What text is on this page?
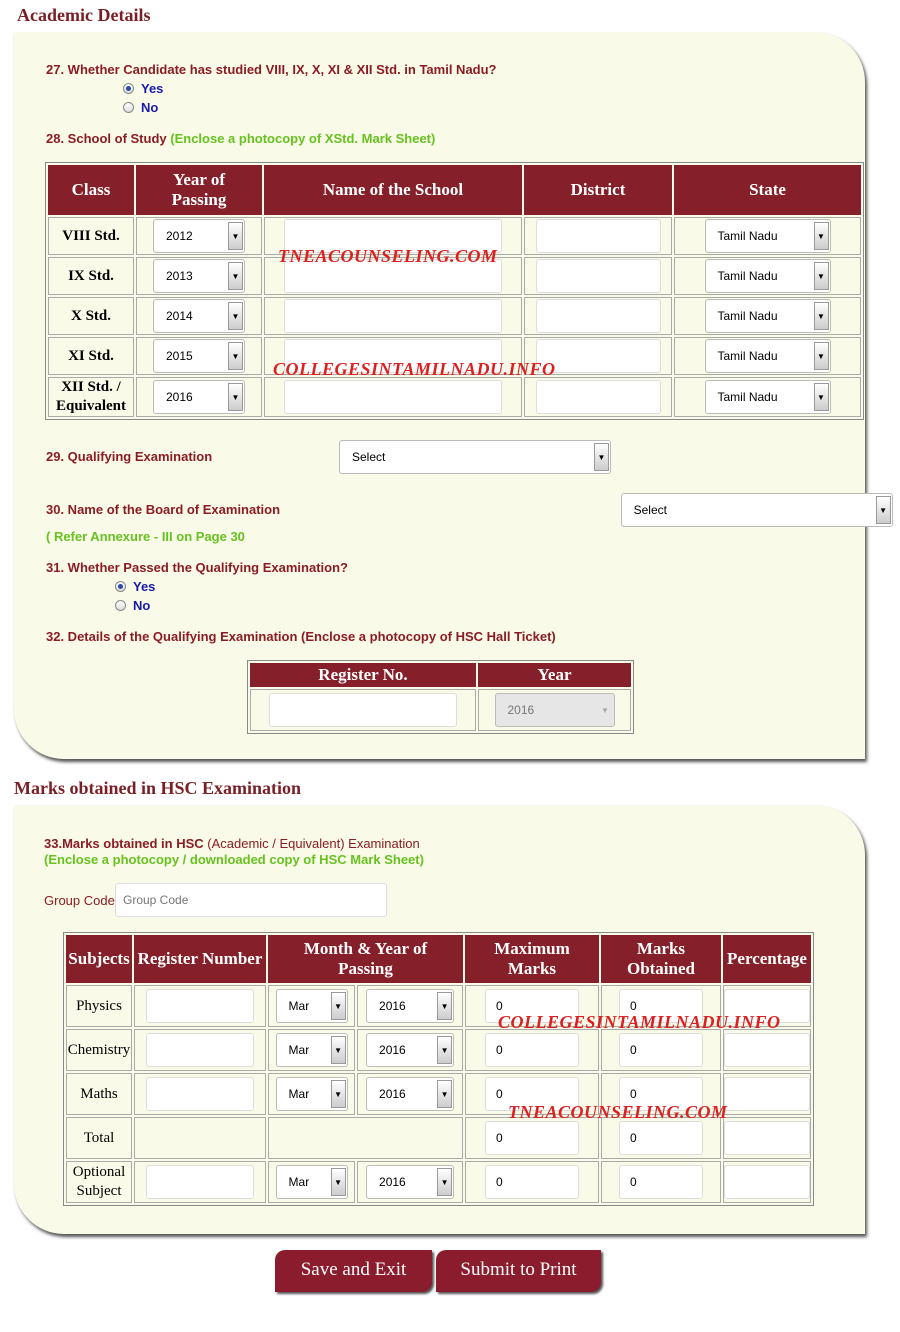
Academic Details
27. Whether Candidate has studied VIII, IX, X, XI & XII Std. in Tamil Nadu?
Yes
No
28. School of Study (Enclose a photocopy of XStd. Mark Sheet)
Class	Year of Passing	Name of the School	District	State
VIII Std.	2012 ▼			Tamil Nadu ▼

IX Std.	2013 ▼			Tamil Nadu ▼

X Std.	2014 ▼			Tamil Nadu ▼

XI Std.	2015 ▼			Tamil Nadu ▼

XII Std. / Equivalent	2016 ▼			Tamil Nadu ▼
TNEACOUNSELING.COM
COLLEGESINTAMILNADU.INFO
29. Qualifying Examination	Select	▼

30. Name of the Board of Examination	Select	▼

( Refer Annexure - III on Page 30
31. Whether Passed the Qualifying Examination?
Yes
No
32. Details of the Qualifying Examination (Enclose a photocopy of HSC Hall Ticket)
Register No.	Year

	2016 ▼
Marks obtained in HSC Examination
33.Marks obtained in HSC (Academic / Equivalent) Examination
(Enclose a photocopy / downloaded copy of HSC Mark Sheet)
Group Code
Group Code
Subjects	Register Number	Month & Year of Passing		Maximum Marks	Marks Obtained	Percentage
Physics		Mar ▼	2016 ▼	0	0	

Chemistry		Mar ▼	2016 ▼	0	0	

Maths		Mar ▼	2016 ▼	0	0	

Total				0	0	

Optional Subject		Mar ▼	2016 ▼	0	0	

COLLEGESINTAMILNADU.INFO
TNEACOUNSELING.COM
Save and Exit	Submit to Print
